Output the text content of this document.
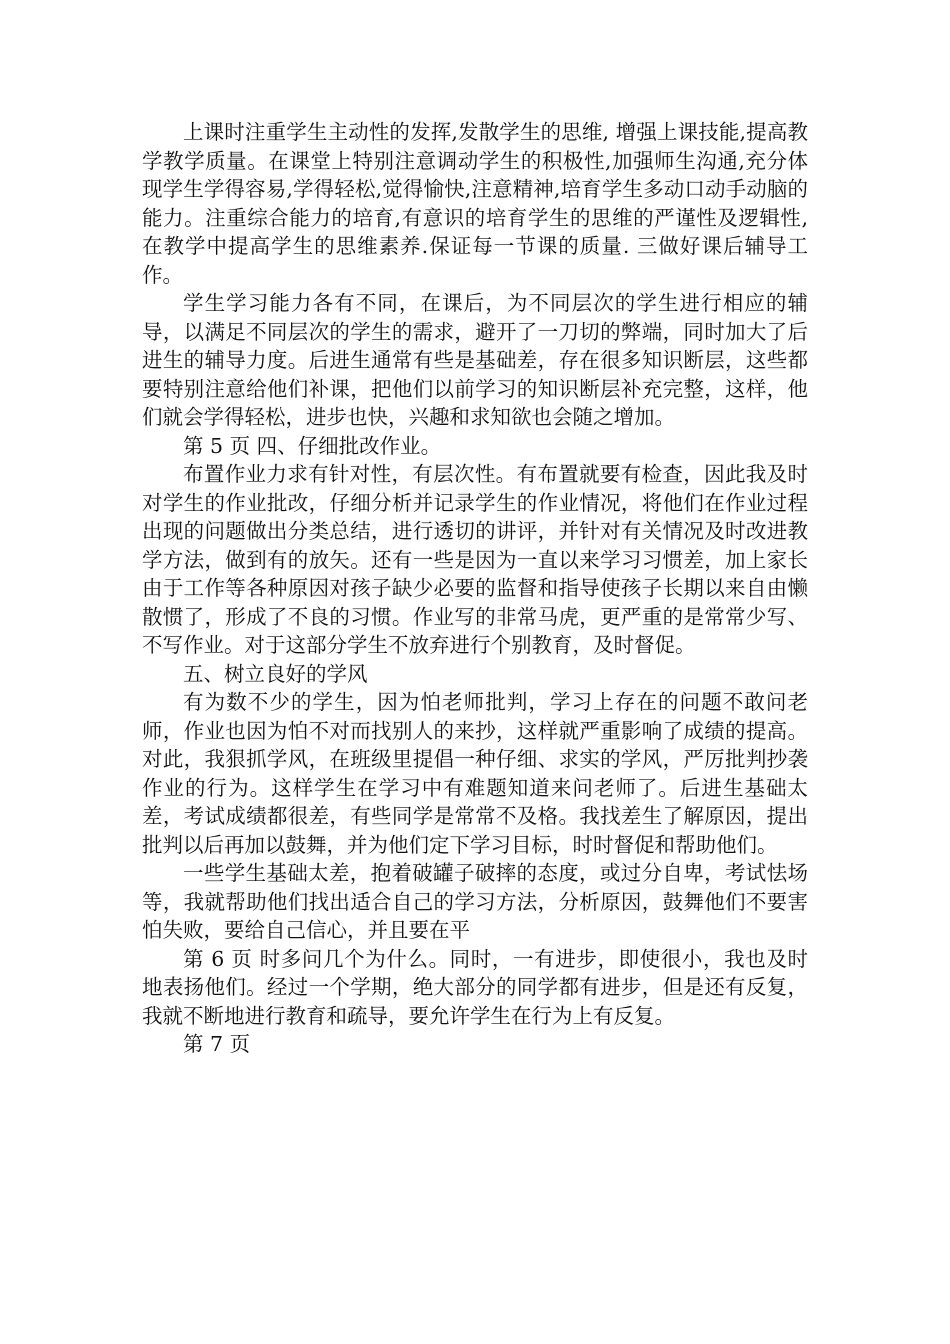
上课时注重学生主动性的发挥,发散学生的思维, 增强上课技能,提高教学教学质量。在课堂上特别注意调动学生的积极性,加强师生沟通,充分体现学生学得容易,学得轻松,觉得愉快,注意精神,培育学生多动口动手动脑的能力。注重综合能力的培育,有意识的培育学生的思维的严谨性及逻辑性,在教学中提高学生的思维素养.保证每一节课的质量. 三做好课后辅导工作。

学生学习能力各有不同，在课后，为不同层次的学生进行相应的辅导，以满足不同层次的学生的需求，避开了一刀切的弊端，同时加大了后进生的辅导力度。后进生通常有些是基础差，存在很多知识断层，这些都要特别注意给他们补课，把他们以前学习的知识断层补充完整，这样，他们就会学得轻松，进步也快，兴趣和求知欲也会随之增加。

第 5 页 四、仔细批改作业。

布置作业力求有针对性，有层次性。有布置就要有检查，因此我及时对学生的作业批改，仔细分析并记录学生的作业情况，将他们在作业过程出现的问题做出分类总结，进行透切的讲评，并针对有关情况及时改进教学方法，做到有的放矢。还有一些是因为一直以来学习习惯差，加上家长由于工作等各种原因对孩子缺少必要的监督和指导使孩子长期以来自由懒散惯了，形成了不良的习惯。作业写的非常马虎，更严重的是常常少写、不写作业。对于这部分学生不放弃进行个别教育，及时督促。

五、树立良好的学风

有为数不少的学生，因为怕老师批判，学习上存在的问题不敢问老师，作业也因为怕不对而找别人的来抄，这样就严重影响了成绩的提高。对此，我狠抓学风，在班级里提倡一种仔细、求实的学风，严厉批判抄袭作业的行为。这样学生在学习中有难题知道来问老师了。后进生基础太差，考试成绩都很差，有些同学是常常不及格。我找差生了解原因，提出批判以后再加以鼓舞，并为他们定下学习目标，时时督促和帮助他们。

一些学生基础太差，抱着破罐子破摔的态度，或过分自卑，考试怯场等，我就帮助他们找出适合自己的学习方法，分析原因，鼓舞他们不要害怕失败，要给自己信心，并且要在平

第 6 页 时多问几个为什么。同时，一有进步，即使很小，我也及时地表扬他们。经过一个学期，绝大部分的同学都有进步，但是还有反复，我就不断地进行教育和疏导，要允许学生在行为上有反复。

第 7 页
